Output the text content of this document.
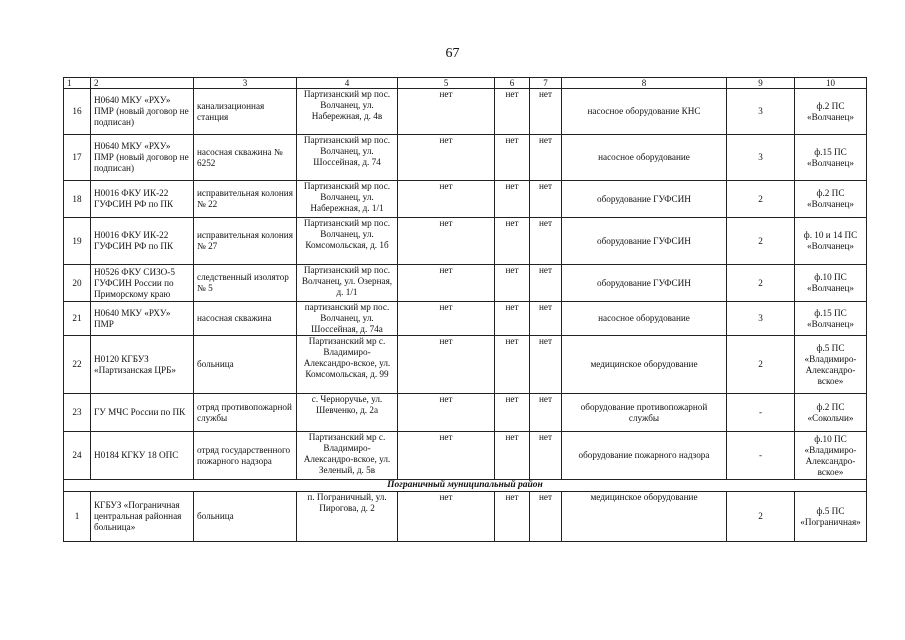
67
1	2	3	4	5	6	7	8	9	10
16	Н0640 МКУ «РХУ» ПМР (новый договор не подписан)	канализационная станция	Партизанский мр пос. Волчанец, ул. Набережная, д. 4в	нет	нет	нет	насосное оборудование КНС	3	ф.2 ПС «Волчанец»
17	Н0640 МКУ «РХУ» ПМР (новый договор не подписан)	насосная скважина № 6252	Партизанский мр пос. Волчанец, ул. Шоссейная, д. 74	нет	нет	нет	насосное оборудование	3	ф.15 ПС «Волчанец»
18	Н0016 ФКУ ИК-22 ГУФСИН РФ по ПК	исправительная колония № 22	Партизанский мр пос. Волчанец, ул. Набережная, д. 1/1	нет	нет	нет	оборудование ГУФСИН	2	ф.2 ПС «Волчанец»
19	Н0016 ФКУ ИК-22 ГУФСИН РФ по ПК	исправительная колония № 27	Партизанский мр пос. Волчанец, ул. Комсомольская, д. 1б	нет	нет	нет	оборудование ГУФСИН	2	ф. 10 и 14 ПС «Волчанец»
20	Н0526 ФКУ СИЗО-5 ГУФСИН России по Приморскому краю	следственный изолятор № 5	Партизанский мр пос. Волчанец, ул. Озерная, д. 1/1	нет	нет	нет	оборудование ГУФСИН	2	ф.10 ПС «Волчанец»
21	Н0640 МКУ «РХУ» ПМР	насосная скважина	партизанский мр пос. Волчанец, ул. Шоссейная, д. 74а	нет	нет	нет	насосное оборудование	3	ф.15 ПС «Волчанец»
22	Н0120 КГБУЗ «Партизанская ЦРБ»	больница	Партизанский мр с. Владимиро-Александро-вское, ул. Комсомольская, д. 99	нет	нет	нет	медицинское оборудование	2	ф.5 ПС «Владимиро-Александро-вское»
23	ГУ МЧС России по ПК	отряд противопожарной службы	с. Черноручье, ул. Шевченко, д. 2а	нет	нет	нет	оборудование противопожарной службы	-	ф.2 ПС «Сокольчи»
24	Н0184 КГКУ 18 ОПС	отряд государственного пожарного надзора	Партизанский мр с. Владимиро-Александро-вское, ул. Зеленый, д. 5в	нет	нет	нет	оборудование пожарного надзора	-	ф.10 ПС «Владимиро-Александро-вское»
Пограничный муниципальный район									
1	КГБУЗ «Пограничная центральная районная больница»	больница	п. Пограничный, ул. Пирогова, д. 2	нет	нет	нет	медицинское оборудование	2	ф.5 ПС «Пограничная»
